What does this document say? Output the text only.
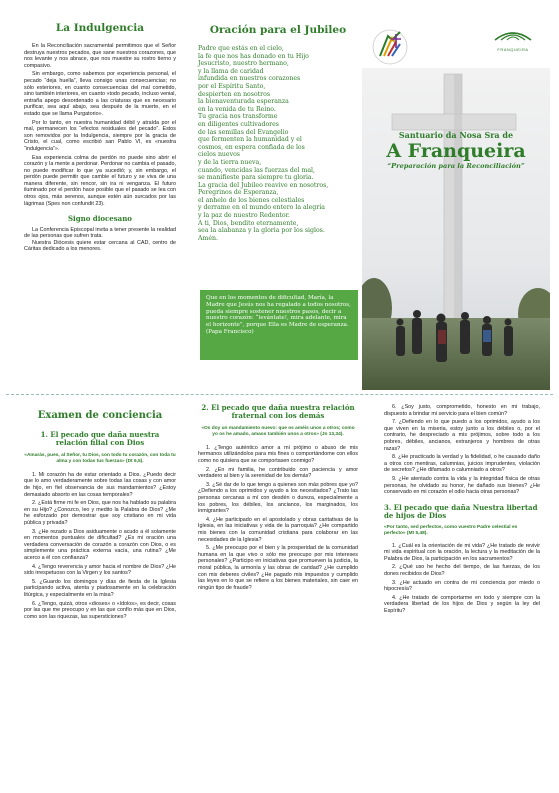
La Indulgencia

En la Reconciliación sacramental permitimos que el Señor destruya nuestros pecados, que sane nuestros corazones, que nos levante y nos abrace, que nos muestre su rostro tierno y compasivo.

Sin embargo, como sabemos por experiencia personal, el pecado “deja huella”, lleva consigo unas consecuencias; no sólo exteriores, en cuanto consecuencias del mal cometido, sino también interiores, en cuanto «todo pecado, incluso venial, entraña apego desordenado a las criaturas que es necesario purificar, sea aquí abajo, sea después de la muerte, en el estado que se llama Purgatorio».

Por lo tanto, en nuestra humanidad débil y atraída por el mal, permanecen los “efectos residuales del pecado”. Estos son removidos por la Indulgencia, siempre por la gracia de Cristo, el cual, como escribió san Pablo VI, es «nuestra “indulgencia”».

Esa experiencia colma de perdón no puede sino abrir el corazón y la mente a perdonar. Perdonar no cambia el pasado, no puede modificar lo que ya sucedió; y, sin embargo, el perdón puede permitir que cambie el futuro y se viva de una manera diferente, sin rencor, sin ira ni venganza. El futuro iluminado por el perdón hace posible que el pasado se lea con otros ojos, más serenos, aunque estén aún surcados por las lágrimas (Spes non confundit 23).

Signo diocesano

La Conferencia Episcopal invita a tener presente la realidad de las personas que sufren trata.

Nuestra Diócesis quiere estar cercana al CAD, centro de Cáritas dedicado a los menores.

Oración para el Jubileo
Padre que estás en el cielo,
la fe que nos has donado en tu Hijo
Jesucristo, nuestro hermano,
y la llama de caridad
infundida en nuestros corazones
por el Espíritu Santo,
despierten en nosotros
la bienaventurada esperanza
en la venida de tu Reino.
Tu gracia nos transforme
en diligentes cultivadores
de las semillas del Evangelio
que fermenten la humanidad y el
cosmos, en espera confiada de los
cielos nuevos
y de la tierra nueva,
cuando, vencidas las fuerzas del mal,
se manifieste para siempre tu gloria.
La gracia del Jubileo reavive en nosotros,
Peregrinos de Esperanza,
el anhelo de los bienes celestiales
y derrame en el mundo entero la alegría
y la paz de nuestro Redentor.
A ti, Dios, bendito eternamente,
sea la alabanza y la gloria por los siglos.
Amén.
Que en los momentos de dificultad, María, la Madre que Jesús nos ha regalado a todos nosotros, pueda siempre sostener nuestros pasos, decir a nuestro corazón: “levántate!, mira adelante, mira el horizonte”, porque Ella es Madre de esperanza. (Papa Francisco)
FRANQUEIRA
Santuario da Nosa Sra de
A Franqueira
“Preparación para la Reconciliación”
Examen de conciencia
1. El pecado que daña nuestra relación filial con Dios

«Amarás, pues, al Señor, tu Dios, con todo tu corazón, con toda tu alma y con todas tus fuerzas» (Dt 6,5).

1. Mi corazón ha de estar orientado a Dios. ¿Puedo decir que lo amo verdaderamente sobre todas las cosas y con amor de hijo, en fiel observancia de sus mandamientos? ¿Estoy demasiado absorto en las cosas temporales?

2. ¿Está firme mi fe en Dios, que nos ha hablado su palabra en su Hijo? ¿Conozco, leo y medito la Palabra de Dios? ¿Me he esforzado por demostrar que soy cristiano en mi vida pública y privada?

3. ¿He rezado a Dios asiduamente o acudo a él solamente en momentos puntuales de dificultad? ¿Es mi oración una verdadera conversación de corazón a corazón con Dios, o es simplemente una práctica externa vacía, una rutina? ¿Me acerco a él con confianza?

4. ¿Tengo reverencia y amor hacia el nombre de Dios? ¿He sido irrespetuoso con la Virgen y los santos?

5. ¿Guardo los domingos y días de fiesta de la Iglesia participando activa, atenta y piadosamente en la celebración litúrgica, y especialmente en la misa?

6. ¿Tengo, quizá, otros «dioses» o «ídolos», es decir, cosas por las que me preocupo y en las que confío más que en Dios, como son las riquezas, las supersticiones?

2. El pecado que daña nuestra relación fraternal con los demás

«Os doy un mandamiento nuevo: que os améis unos a otros; como yo os he amado, amaos también unos a otros» (Jn 13,34).

1. ¿Tengo auténtico amor a mi prójimo o abuso de mis hermanos utilizándolos para mis fines o comportándome con ellos como no quisiera que se comportasen conmigo?

2. ¿En mi familia, he contribuido con paciencia y amor verdadero al bien y la serenidad de los demás?

3. ¿Sé dar de lo que tengo a quienes son más pobres que yo? ¿Defiendo a los oprimidos y ayudo a los necesitados? ¿Trato las personas cercanas a mí con desdén o dureza, especialmente a los pobres, los débiles, los ancianos, los marginados, los inmigrantes?

4. ¿He participado en el apostolado y obras caritativas de la Iglesia, en las iniciativas y vida de la parroquia? ¿He compartido mis bienes con la comunidad cristiana para colaborar en las necesidades de la Iglesia?

5. ¿Me preocupo por el bien y la prosperidad de la comunidad humana en la que vivo o sólo me preocupo por mis intereses personales? ¿Participo en iniciativas que promueven la justicia, la moral pública, la armonía y las obras de caridad? ¿He cumplido con mis deberes civiles? ¿He pagado mis impuestos y cumplido las leyes en lo que se refiere a los bienes materiales, sin caer en ningún tipo de fraude?

6. ¿Soy justo, comprometido, honesto en mi trabajo, dispuesto a brindar mi servicio para el bien común?

7. ¿Defiendo en lo que puedo a los oprimidos, ayudo a los que viven en la miseria, estoy junto a los débiles o, por el contrario, he despreciado a mis prójimos, sobre todo a los pobres, débiles, ancianos, extranjeros y hombres de otras razas?

8. ¿He practicado la verdad y la fidelidad, o he causado daño a otros con mentiras, calumnias, juicios imprudentes, violación de secretos? ¿He difamado o calumniado a otros?

9. ¿He atentado contra la vida y la integridad física de otras personas, he olvidado su honor, he dañado sus bienes? ¿He conservado en mi corazón el odio hacia otras personas?

3. El pecado que daña Nuestra libertad de hijos de Dios

«Por tanto, sed perfectos, como vuestro Padre celestial es perfecto» (Mt 5,48).

1. ¿Cuál es la orientación de mi vida? ¿He tratado de revivir mi vida espiritual con la oración, la lectura y la meditación de la Palabra de Dios, la participación en los sacramentos?

2. ¿Qué uso he hecho del tiempo, de las fuerzas, de los dones recibidos de Dios?

3. ¿He actuado en contra de mi conciencia por miedo o hipocresía?

4. ¿He tratado de comportarme en todo y siempre con la verdadera libertad de los hijos de Dios y según la ley del Espíritu?
